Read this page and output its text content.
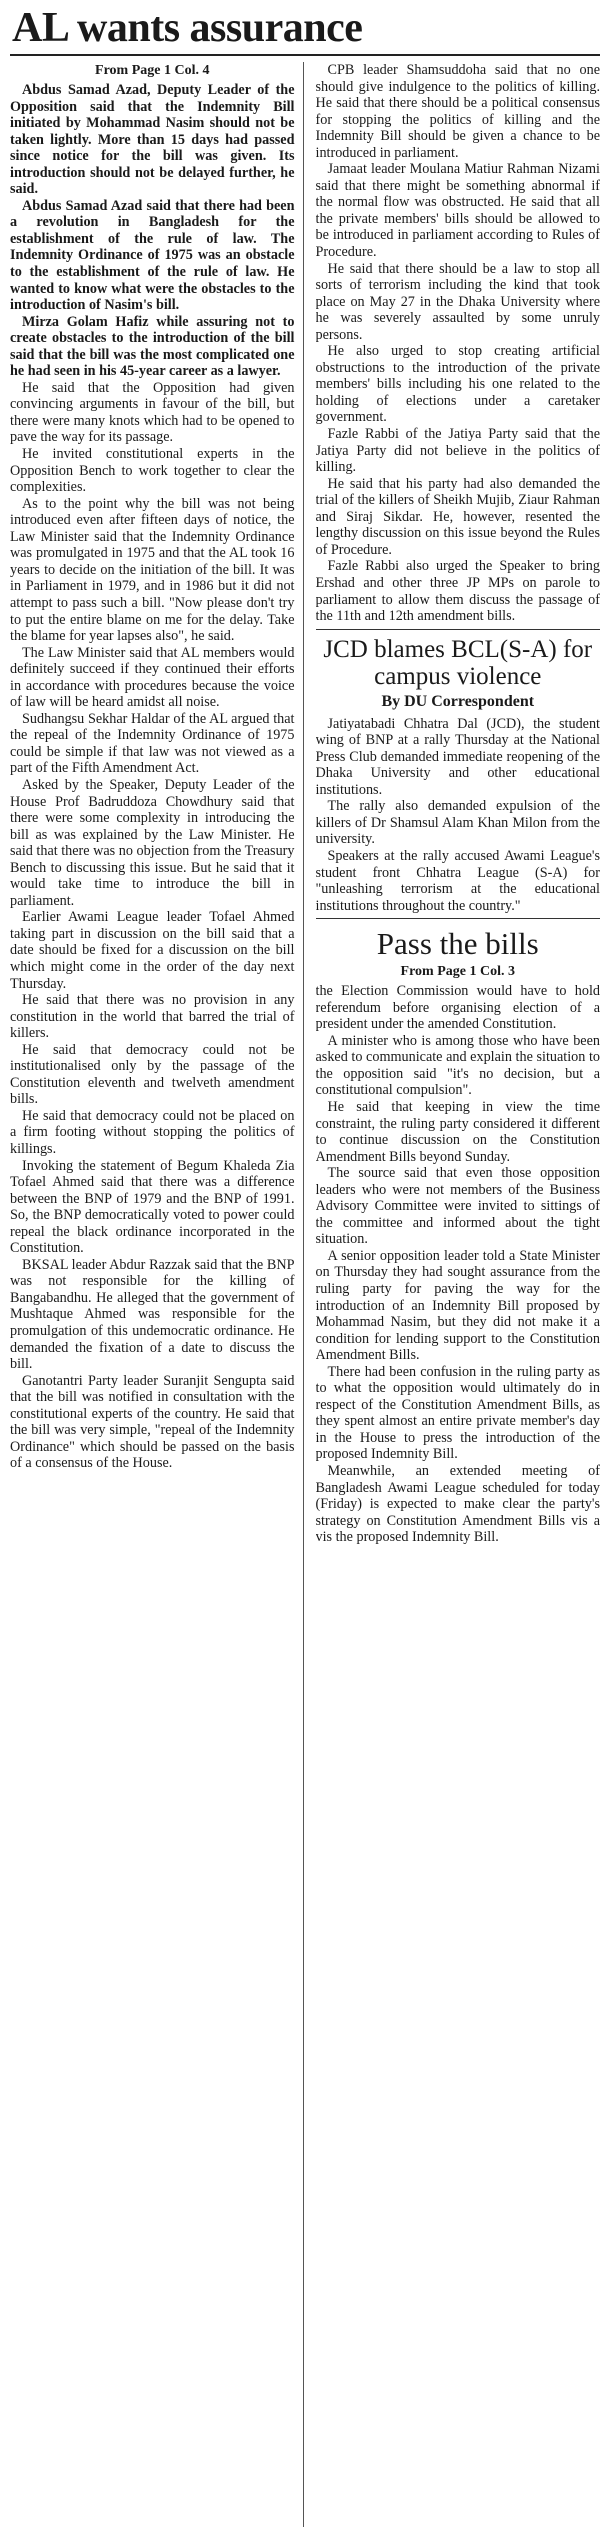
AL wants assurance
From Page 1 Col. 4

Abdus Samad Azad, Deputy Leader of the Opposition said that the Indemnity Bill initiated by Mohammad Nasim should not be taken lightly. More than 15 days had passed since notice for the bill was given. Its introduction should not be delayed further, he said.

Abdus Samad Azad said that there had been a revolution in Bangladesh for the establishment of the rule of law. The Indemnity Ordinance of 1975 was an obstacle to the establishment of the rule of law. He wanted to know what were the obstacles to the introduction of Nasim's bill.

Mirza Golam Hafiz while assuring not to create obstacles to the introduction of the bill said that the bill was the most complicated one he had seen in his 45-year career as a lawyer.

He said that the Opposition had given convincing arguments in favour of the bill, but there were many knots which had to be opened to pave the way for its passage.

He invited constitutional experts in the Opposition Bench to work together to clear the complexities.

As to the point why the bill was not being introduced even after fifteen days of notice, the Law Minister said that the Indemnity Ordinance was promulgated in 1975 and that the AL took 16 years to decide on the initiation of the bill. It was in Parliament in 1979, and in 1986 but it did not attempt to pass such a bill. "Now please don't try to put the entire blame on me for the delay. Take the blame for year lapses also", he said.

The Law Minister said that AL members would definitely succeed if they continued their efforts in accordance with procedures because the voice of law will be heard amidst all noise.

Sudhangsu Sekhar Haldar of the AL argued that the repeal of the Indemnity Ordinance of 1975 could be simple if that law was not viewed as a part of the Fifth Amendment Act.

Asked by the Speaker, Deputy Leader of the House Prof Badruddoza Chowdhury said that there were some complexity in introducing the bill as was explained by the Law Minister. He said that there was no objection from the Treasury Bench to discussing this issue. But he said that it would take time to introduce the bill in parliament.

Earlier Awami League leader Tofael Ahmed taking part in discussion on the bill said that a date should be fixed for a discussion on the bill which might come in the order of the day next Thursday.

He said that there was no provision in any constitution in the world that barred the trial of killers.

He said that democracy could not be institutionalised only by the passage of the Constitution eleventh and twelveth amendment bills.

He said that democracy could not be placed on a firm footing without stopping the politics of killings.

Invoking the statement of Begum Khaleda Zia Tofael Ahmed said that there was a difference between the BNP of 1979 and the BNP of 1991. So, the BNP democratically voted to power could repeal the black ordinance incorporated in the Constitution.

BKSAL leader Abdur Razzak said that the BNP was not responsible for the killing of Bangabandhu. He alleged that the government of Mushtaque Ahmed was responsible for the promulgation of this undemocratic ordinance. He demanded the fixation of a date to discuss the bill.

Ganotantri Party leader Suranjit Sengupta said that the bill was notified in consultation with the constitutional experts of the country. He said that the bill was very simple, "repeal of the Indemnity Ordinance" which should be passed on the basis of a consensus of the House.

CPB leader Shamsuddoha said that no one should give indulgence to the politics of killing. He said that there should be a political consensus for stopping the politics of killing and the Indemnity Bill should be given a chance to be introduced in parliament.

Jamaat leader Moulana Matiur Rahman Nizami said that there might be something abnormal if the normal flow was obstructed. He said that all the private members' bills should be allowed to be introduced in parliament according to Rules of Procedure.

He said that there should be a law to stop all sorts of terrorism including the kind that took place on May 27 in the Dhaka University where he was severely assaulted by some unruly persons.

He also urged to stop creating artificial obstructions to the introduction of the private members' bills including his one related to the holding of elections under a caretaker government.

Fazle Rabbi of the Jatiya Party said that the Jatiya Party did not believe in the politics of killing.

He said that his party had also demanded the trial of the killers of Sheikh Mujib, Ziaur Rahman and Siraj Sikdar. He, however, resented the lengthy discussion on this issue beyond the Rules of Procedure.

Fazle Rabbi also urged the Speaker to bring Ershad and other three JP MPs on parole to parliament to allow them discuss the passage of the 11th and 12th amendment bills.

JCD blames BCL(S-A) for campus violence
By DU Correspondent

Jatiyatabadi Chhatra Dal (JCD), the student wing of BNP at a rally Thursday at the National Press Club demanded immediate reopening of the Dhaka University and other educational institutions.

The rally also demanded expulsion of the killers of Dr Shamsul Alam Khan Milon from the university.

Speakers at the rally accused Awami League's student front Chhatra League (S-A) for "unleashing terrorism at the educational institutions throughout the country."

Pass the bills
From Page 1 Col. 3

the Election Commission would have to hold referendum before organising election of a president under the amended Constitution.

A minister who is among those who have been asked to communicate and explain the situation to the opposition said "it's no decision, but a constitutional compulsion".

He said that keeping in view the time constraint, the ruling party considered it different to continue discussion on the Constitution Amendment Bills beyond Sunday.

The source said that even those opposition leaders who were not members of the Business Advisory Committee were invited to sittings of the committee and informed about the tight situation.

A senior opposition leader told a State Minister on Thursday they had sought assurance from the ruling party for paving the way for the introduction of an Indemnity Bill proposed by Mohammad Nasim, but they did not make it a condition for lending support to the Constitution Amendment Bills.

There had been confusion in the ruling party as to what the opposition would ultimately do in respect of the Constitution Amendment Bills, as they spent almost an entire private member's day in the House to press the introduction of the proposed Indemnity Bill.

Meanwhile, an extended meeting of Bangladesh Awami League scheduled for today (Friday) is expected to make clear the party's strategy on Constitution Amendment Bills vis a vis the proposed Indemnity Bill.
